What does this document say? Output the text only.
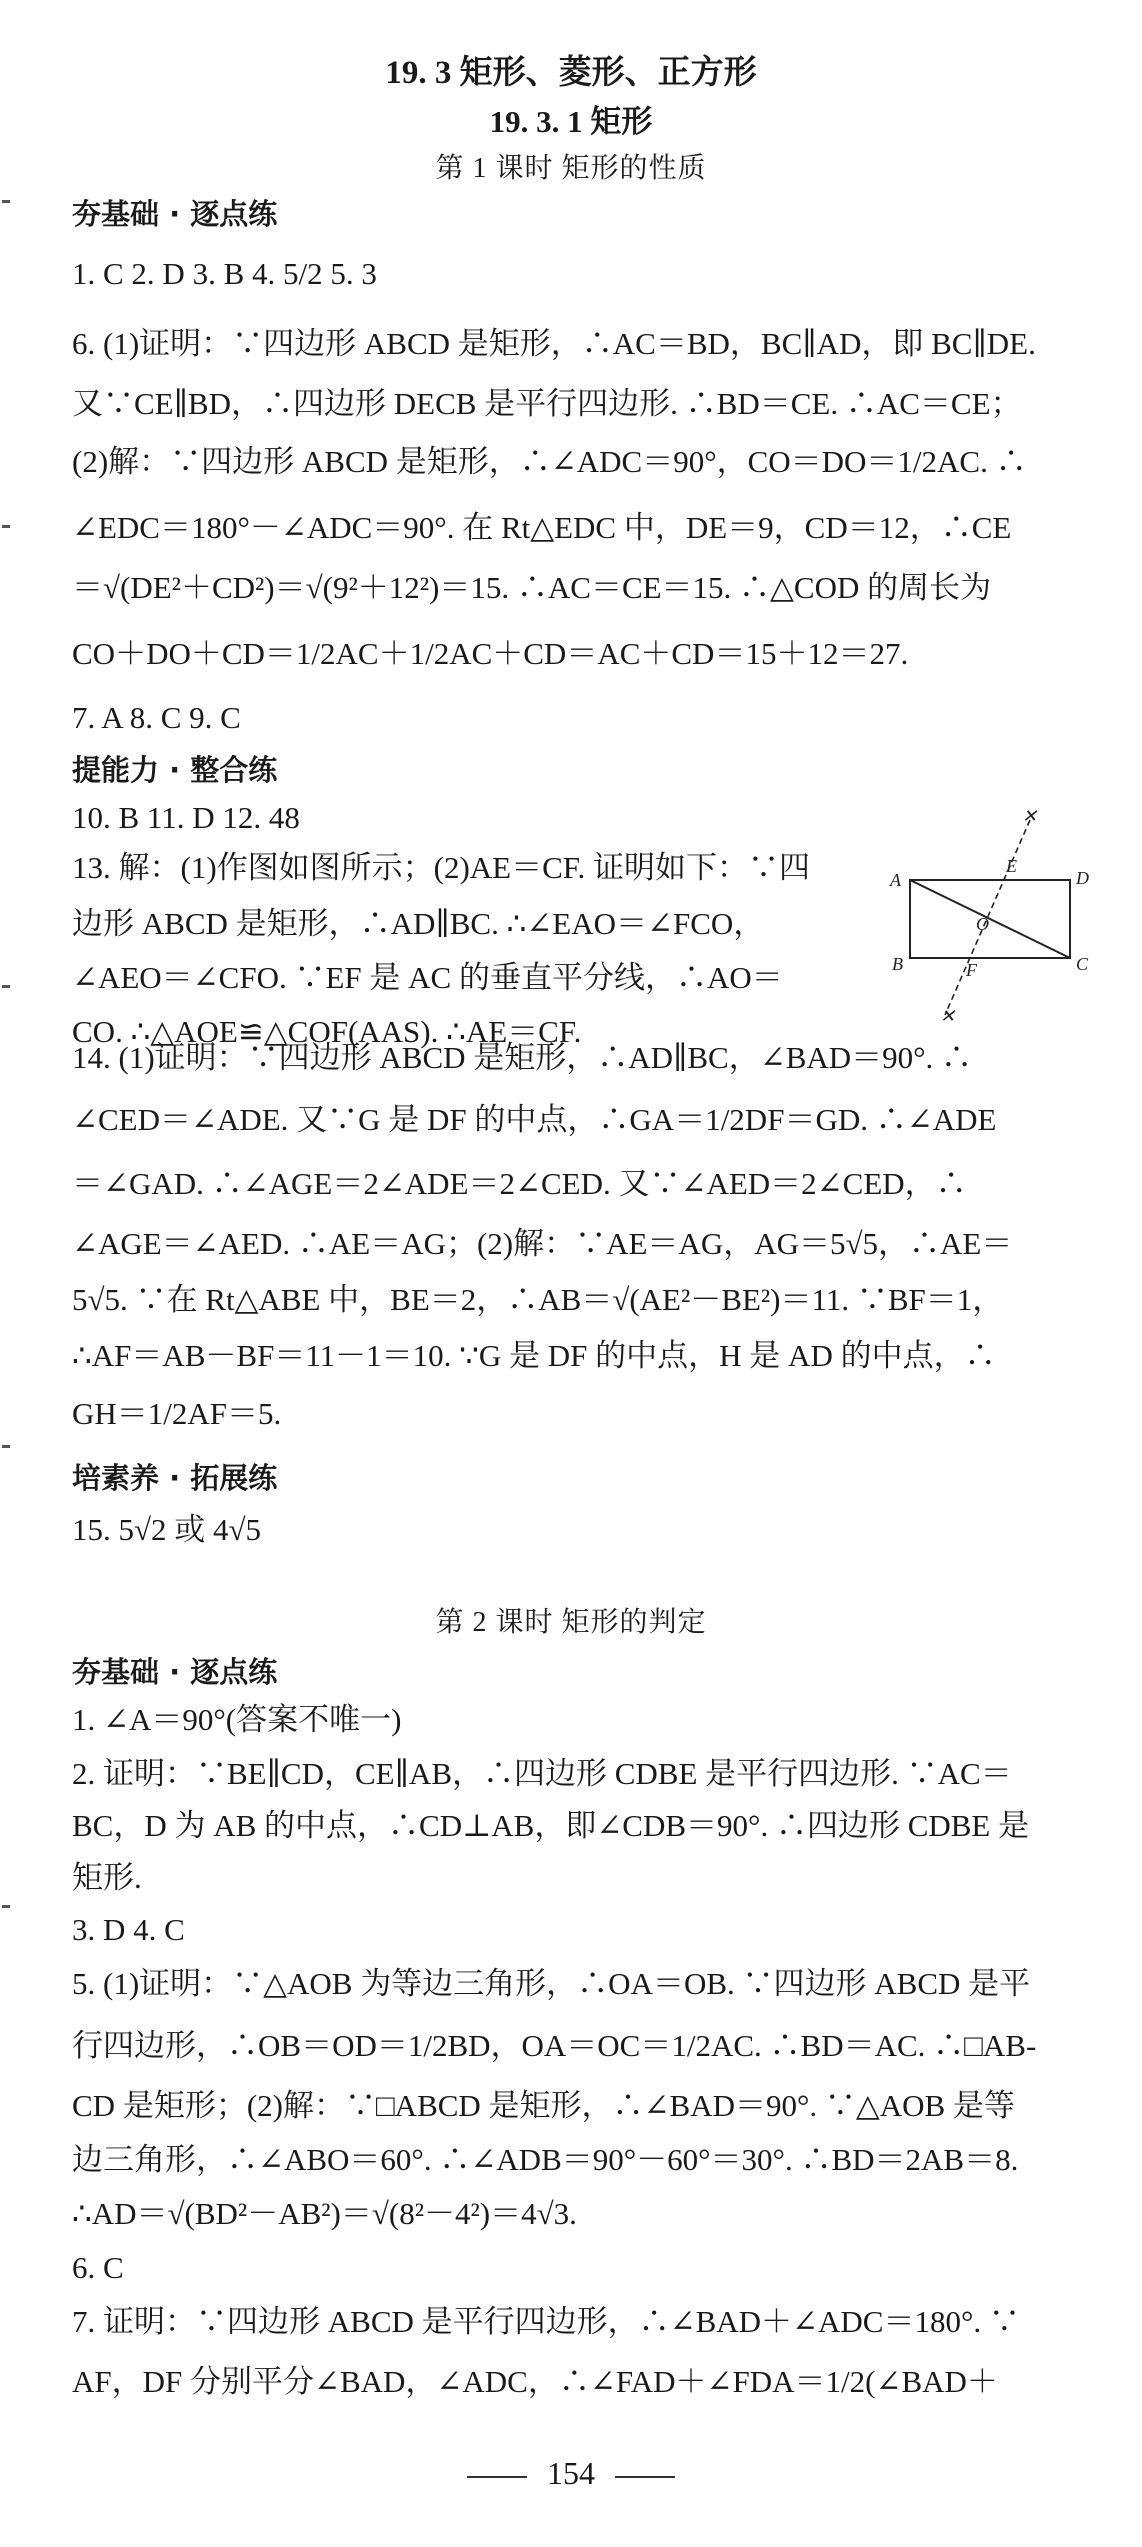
19. 3 矩形、菱形、正方形
19. 3. 1 矩形
第 1 课时 矩形的性质
夯基础 · 逐点练
1. C 2. D 3. B 4. 5/2 5. 3
6. (1)证明：∵四边形 ABCD 是矩形，∴AC＝BD，BC∥AD，即 BC∥DE.
又∵CE∥BD，∴四边形 DECB 是平行四边形. ∴BD＝CE. ∴AC＝CE；
(2)解：∵四边形 ABCD 是矩形，∴∠ADC＝90°，CO＝DO＝1/2AC. ∴
∠EDC＝180°－∠ADC＝90°. 在 Rt△EDC 中，DE＝9，CD＝12，∴CE
＝√(DE²＋CD²)＝√(9²＋12²)＝15. ∴AC＝CE＝15. ∴△COD 的周长为
CO＋DO＋CD＝1/2AC＋1/2AC＋CD＝AC＋CD＝15＋12＝27.
7. A 8. C 9. C
提能力 · 整合练
10. B 11. D 12. 48
13. 解：(1)作图如图所示；(2)AE＝CF. 证明如下：∵四
边形 ABCD 是矩形，∴AD∥BC. ∴∠EAO＝∠FCO，
∠AEO＝∠CFO. ∵EF 是 AC 的垂直平分线，∴AO＝
CO. ∴△AOE≌△COF(AAS). ∴AE＝CF.
✕
✕
A	D
B	C
E
F
O
14. (1)证明：∵四边形 ABCD 是矩形，∴AD∥BC，∠BAD＝90°. ∴
∠CED＝∠ADE. 又∵G 是 DF 的中点，∴GA＝1/2DF＝GD. ∴∠ADE
＝∠GAD. ∴∠AGE＝2∠ADE＝2∠CED. 又∵∠AED＝2∠CED，∴
∠AGE＝∠AED. ∴AE＝AG；(2)解：∵AE＝AG，AG＝5√5，∴AE＝
5√5. ∵在 Rt△ABE 中，BE＝2，∴AB＝√(AE²－BE²)＝11. ∵BF＝1，
∴AF＝AB－BF＝11－1＝10. ∵G 是 DF 的中点，H 是 AD 的中点，∴
GH＝1/2AF＝5.
培素养 · 拓展练
15. 5√2 或 4√5
第 2 课时 矩形的判定
夯基础 · 逐点练
1. ∠A＝90°(答案不唯一)
2. 证明：∵BE∥CD，CE∥AB，∴四边形 CDBE 是平行四边形. ∵AC＝
BC，D 为 AB 的中点，∴CD⊥AB，即∠CDB＝90°. ∴四边形 CDBE 是
矩形.
3. D 4. C
5. (1)证明：∵△AOB 为等边三角形，∴OA＝OB. ∵四边形 ABCD 是平
行四边形，∴OB＝OD＝1/2BD，OA＝OC＝1/2AC. ∴BD＝AC. ∴□AB-
CD 是矩形；(2)解：∵□ABCD 是矩形，∴∠BAD＝90°. ∵△AOB 是等
边三角形，∴∠ABO＝60°. ∴∠ADB＝90°－60°＝30°. ∴BD＝2AB＝8.
∴AD＝√(BD²－AB²)＝√(8²－4²)＝4√3.
6. C
7. 证明：∵四边形 ABCD 是平行四边形，∴∠BAD＋∠ADC＝180°. ∵
AF，DF 分别平分∠BAD，∠ADC，∴∠FAD＋∠FDA＝1/2(∠BAD＋
154
